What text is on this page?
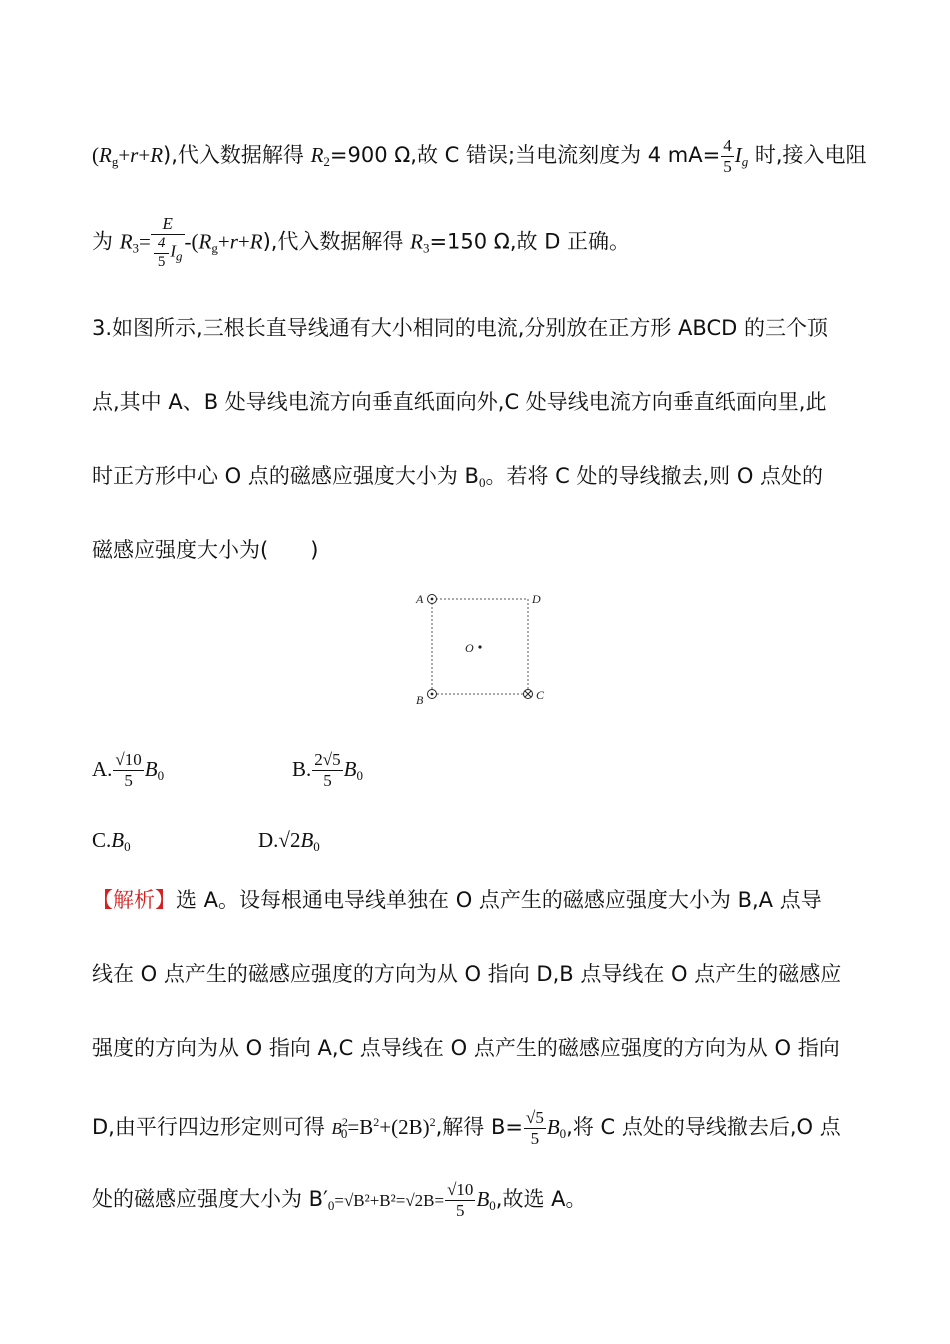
$(R_g+r+R)$,代入数据解得 $R_2=900$ Ω,故 C 错误;当电流刻度为 4 $mA= \frac{4}{5} I_g$ 时,接入电阻
为 $R_3= \frac{E}{\frac{4}{5} I_g} -(R_g+r+R)$,代入数据解得 $R_3=150$ Ω,故 D 正确。
3.如图所示,三根长直导线通有大小相同的电流,分别放在正方形 ABCD 的三个顶
点,其中 A、B 处导线电流方向垂直纸面向外,C 处导线电流方向垂直纸面向里,此
时正方形中心 O 点的磁感应强度大小为 $B_0$。若将 C 处的导线撤去,则 O 点处的
磁感应强度大小为(　　)
A
B	C
D
O
A. $\frac{√10}{5} B_0$	B. $\frac{2√5}{5} B_0$
$C.B_0$	$D.√2B_0$
【解析】选 A。设每根通电导线单独在 O 点产生的磁感应强度大小为 B,A 点导
线在 O 点产生的磁感应强度的方向为从 O 指向 D,B 点导线在 O 点产生的磁感应
强度的方向为从 O 指向 A,C 点导线在 O 点产生的磁感应强度的方向为从 O 指向
D,由平行四边形定则可得 $B^2_0=B^2+(2B)^2$,解得 $B= \frac{√5}{5} B_0$,将 C 点处的导线撤去后,O 点
处的磁感应强度大小为 $B'_0=√B^2+B^2=√2B= \frac{√10}{5} B_0$,故选 A。
